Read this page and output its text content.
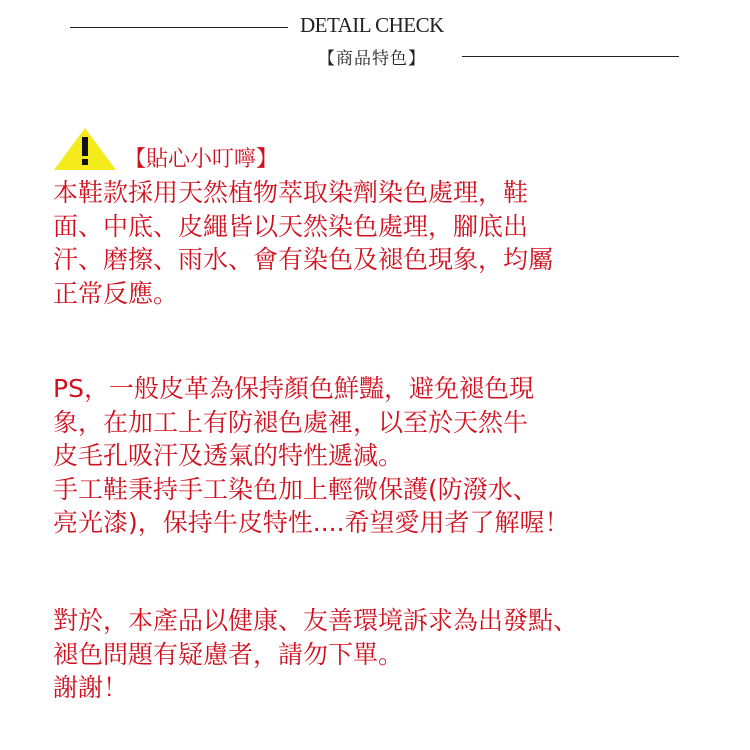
DETAIL CHECK
【商品特色】
【貼心小叮嚀】
本鞋款採用天然植物萃取染劑染色處理，鞋
面、中底、皮繩皆以天然染色處理，腳底出
汗、磨擦、雨水、會有染色及褪色現象，均屬
正常反應。
PS，一般皮革為保持顏色鮮豔，避免褪色現
象，在加工上有防褪色處裡，以至於天然牛
皮毛孔吸汗及透氣的特性遞減。
手工鞋秉持手工染色加上輕微保護(防潑水、
亮光漆)，保持牛皮特性....希望愛用者了解喔！
對於，本產品以健康、友善環境訴求為出發點、
褪色問題有疑慮者，請勿下單。
謝謝！
